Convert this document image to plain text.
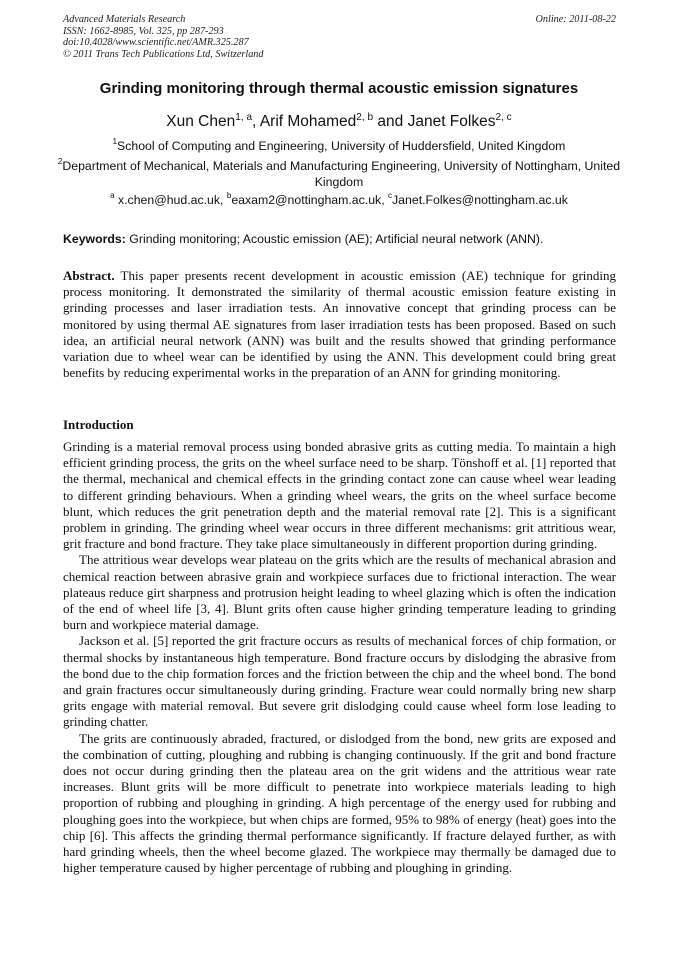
Advanced Materials Research
ISSN: 1662-8985, Vol. 325, pp 287-293
doi:10.4028/www.scientific.net/AMR.325.287
© 2011 Trans Tech Publications Ltd, Switzerland
Online: 2011-08-22
Grinding monitoring through thermal acoustic emission signatures
Xun Chen$^{1, a}$, Arif Mohamed$^{2, b}$ and Janet Folkes$^{2, c}$
$^1$School of Computing and Engineering, University of Huddersfield, United Kingdom
$^2$Department of Mechanical, Materials and Manufacturing Engineering, University of Nottingham, United Kingdom
$^a$ x.chen@hud.ac.uk, $^b$eaxam2@nottingham.ac.uk, $^c$Janet.Folkes@nottingham.ac.uk
Keywords: Grinding monitoring; Acoustic emission (AE); Artificial neural network (ANN).
Abstract. This paper presents recent development in acoustic emission (AE) technique for grinding process monitoring. It demonstrated the similarity of thermal acoustic emission feature existing in grinding processes and laser irradiation tests. An innovative concept that grinding process can be monitored by using thermal AE signatures from laser irradiation tests has been proposed. Based on such idea, an artificial neural network (ANN) was built and the results showed that grinding performance variation due to wheel wear can be identified by using the ANN. This development could bring great benefits by reducing experimental works in the preparation of an ANN for grinding monitoring.
Introduction

Grinding is a material removal process using bonded abrasive grits as cutting media. To maintain a high efficient grinding process, the grits on the wheel surface need to be sharp. Tönshoff et al. [1] reported that the thermal, mechanical and chemical effects in the grinding contact zone can cause wheel wear leading to different grinding behaviours. When a grinding wheel wears, the grits on the wheel surface become blunt, which reduces the grit penetration depth and the material removal rate [2]. This is a significant problem in grinding. The grinding wheel wear occurs in three different mechanisms: grit attritious wear, grit fracture and bond fracture. They take place simultaneously in different proportion during grinding.

The attritious wear develops wear plateau on the grits which are the results of mechanical abrasion and chemical reaction between abrasive grain and workpiece surfaces due to frictional interaction. The wear plateaus reduce girt sharpness and protrusion height leading to wheel glazing which is often the indication of the end of wheel life [3, 4]. Blunt grits often cause higher grinding temperature leading to grinding burn and workpiece material damage.

Jackson et al. [5] reported the grit fracture occurs as results of mechanical forces of chip formation, or thermal shocks by instantaneous high temperature. Bond fracture occurs by dislodging the abrasive from the bond due to the chip formation forces and the friction between the chip and the wheel bond. The bond and grain fractures occur simultaneously during grinding. Fracture wear could normally bring new sharp grits engage with material removal. But severe grit dislodging could cause wheel form lose leading to grinding chatter.

The grits are continuously abraded, fractured, or dislodged from the bond, new grits are exposed and the combination of cutting, ploughing and rubbing is changing continuously. If the grit and bond fracture does not occur during grinding then the plateau area on the grit widens and the attritious wear rate increases. Blunt grits will be more difficult to penetrate into workpiece materials leading to high proportion of rubbing and ploughing in grinding. A high percentage of the energy used for rubbing and ploughing goes into the workpiece, but when chips are formed, 95% to 98% of energy (heat) goes into the chip [6]. This affects the grinding thermal performance significantly. If fracture delayed further, as with hard grinding wheels, then the wheel become glazed. The workpiece may thermally be damaged due to higher temperature caused by higher percentage of rubbing and ploughing in grinding.
